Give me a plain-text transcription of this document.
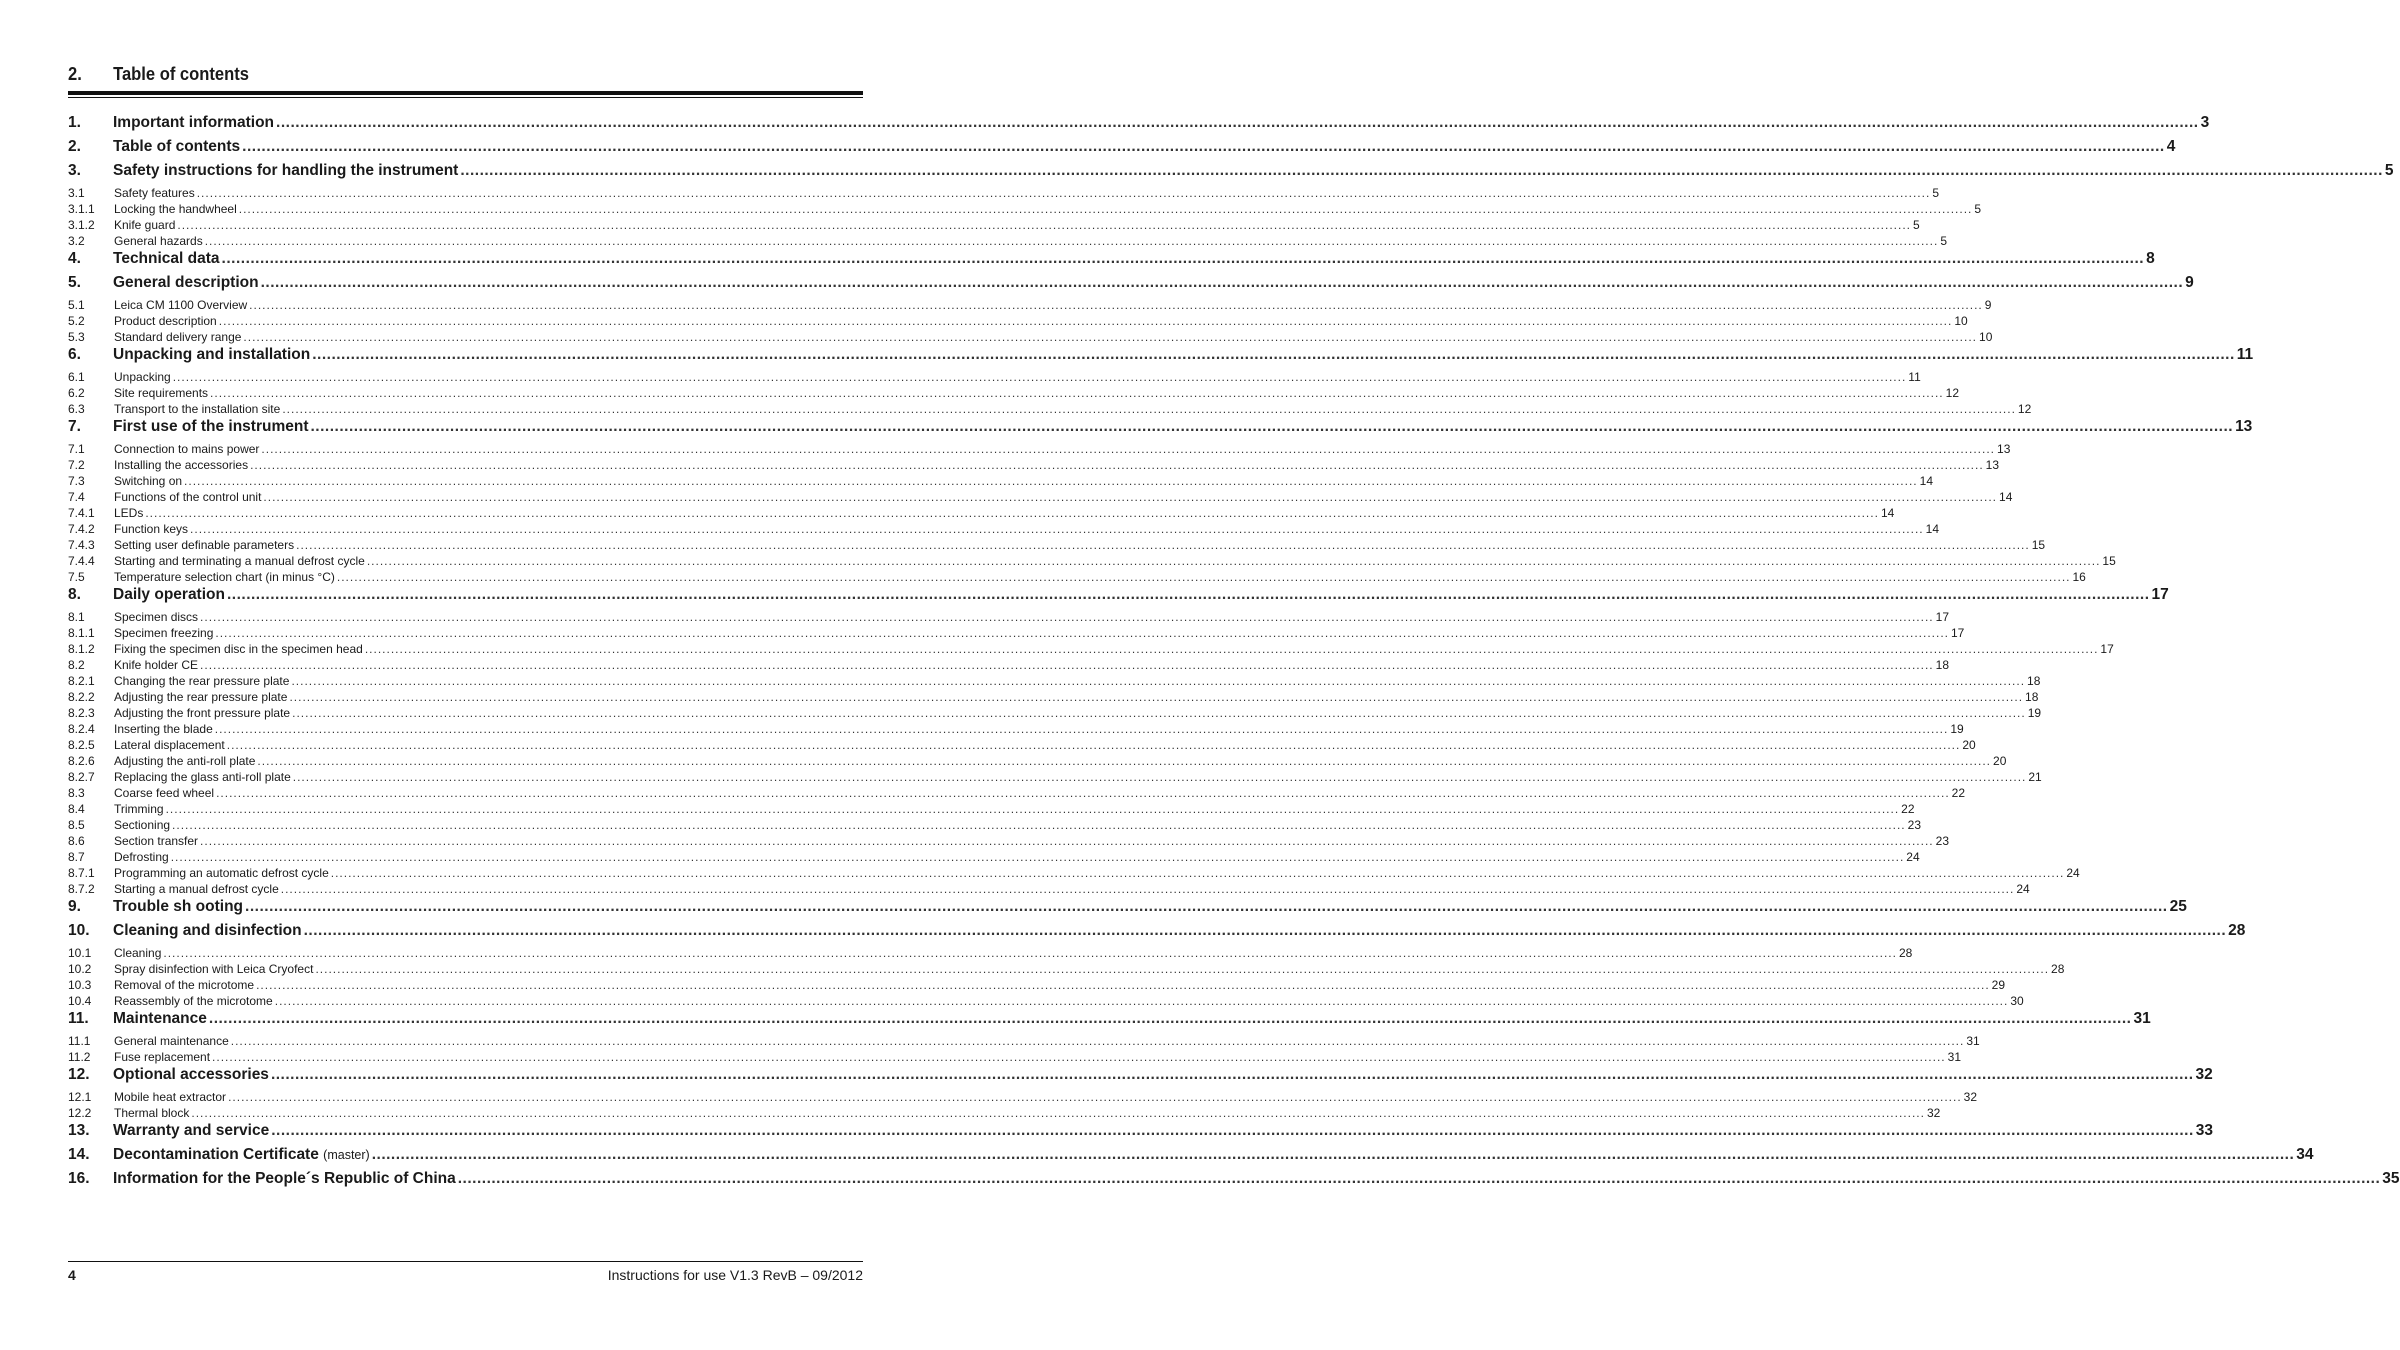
2. Table of contents
1.	Important information ................................................................................................................................................................................................................................................................................................................................................................................................................ 3
2.	Table of contents ................................................................................................................................................................................................................................................................................................................................................................................................................ 4
3.	Safety instructions for handling the instrument ................................................................................................................................................................................................................................................................................................................................................................................................................ 5
3.1	Safety features ................................................................................................................................................................................................................................................................................................................................................................................................................ 5
3.1.1	Locking the handwheel ................................................................................................................................................................................................................................................................................................................................................................................................................ 5
3.1.2	Knife guard ................................................................................................................................................................................................................................................................................................................................................................................................................ 5
3.2	General hazards ................................................................................................................................................................................................................................................................................................................................................................................................................ 5
4.	Technical data ................................................................................................................................................................................................................................................................................................................................................................................................................ 8
5.	General description ................................................................................................................................................................................................................................................................................................................................................................................................................ 9
5.1	Leica CM 1100 Overview ................................................................................................................................................................................................................................................................................................................................................................................................................ 9
5.2	Product description ................................................................................................................................................................................................................................................................................................................................................................................................................ 10
5.3	Standard delivery range ................................................................................................................................................................................................................................................................................................................................................................................................................ 10
6.	Unpacking and installation ................................................................................................................................................................................................................................................................................................................................................................................................................ 11
6.1	Unpacking ................................................................................................................................................................................................................................................................................................................................................................................................................ 11
6.2	Site requirements ................................................................................................................................................................................................................................................................................................................................................................................................................ 12
6.3	Transport to the installation site ................................................................................................................................................................................................................................................................................................................................................................................................................ 12
7.	First use of the instrument ................................................................................................................................................................................................................................................................................................................................................................................................................ 13
7.1	Connection to mains power ................................................................................................................................................................................................................................................................................................................................................................................................................ 13
7.2	Installing the accessories ................................................................................................................................................................................................................................................................................................................................................................................................................ 13
7.3	Switching on ................................................................................................................................................................................................................................................................................................................................................................................................................ 14
7.4	Functions of the control unit ................................................................................................................................................................................................................................................................................................................................................................................................................ 14
7.4.1	LEDs ................................................................................................................................................................................................................................................................................................................................................................................................................ 14
7.4.2	Function keys ................................................................................................................................................................................................................................................................................................................................................................................................................ 14
7.4.3	Setting user definable parameters ................................................................................................................................................................................................................................................................................................................................................................................................................ 15
7.4.4	Starting and terminating a manual defrost cycle ................................................................................................................................................................................................................................................................................................................................................................................................................ 15
7.5	Temperature selection chart (in minus °C) ................................................................................................................................................................................................................................................................................................................................................................................................................ 16
8.	Daily operation ................................................................................................................................................................................................................................................................................................................................................................................................................ 17
8.1	Specimen discs ................................................................................................................................................................................................................................................................................................................................................................................................................ 17
8.1.1	Specimen freezing ................................................................................................................................................................................................................................................................................................................................................................................................................ 17
8.1.2	Fixing the specimen disc in the specimen head ................................................................................................................................................................................................................................................................................................................................................................................................................ 17
8.2	Knife holder CE ................................................................................................................................................................................................................................................................................................................................................................................................................ 18
8.2.1	Changing the rear pressure plate ................................................................................................................................................................................................................................................................................................................................................................................................................ 18
8.2.2	Adjusting the rear pressure plate ................................................................................................................................................................................................................................................................................................................................................................................................................ 18
8.2.3	Adjusting the front pressure plate ................................................................................................................................................................................................................................................................................................................................................................................................................ 19
8.2.4	Inserting the blade ................................................................................................................................................................................................................................................................................................................................................................................................................ 19
8.2.5	Lateral displacement ................................................................................................................................................................................................................................................................................................................................................................................................................ 20
8.2.6	Adjusting the anti-roll plate ................................................................................................................................................................................................................................................................................................................................................................................................................ 20
8.2.7	Replacing the glass anti-roll plate ................................................................................................................................................................................................................................................................................................................................................................................................................ 21
8.3	Coarse feed wheel ................................................................................................................................................................................................................................................................................................................................................................................................................ 22
8.4	Trimming ................................................................................................................................................................................................................................................................................................................................................................................................................ 22
8.5	Sectioning ................................................................................................................................................................................................................................................................................................................................................................................................................ 23
8.6	Section transfer ................................................................................................................................................................................................................................................................................................................................................................................................................ 23
8.7	Defrosting ................................................................................................................................................................................................................................................................................................................................................................................................................ 24
8.7.1	Programming an automatic defrost cycle ................................................................................................................................................................................................................................................................................................................................................................................................................ 24
8.7.2	Starting a manual defrost cycle ................................................................................................................................................................................................................................................................................................................................................................................................................ 24
9.	Trouble sh ooting ................................................................................................................................................................................................................................................................................................................................................................................................................ 25
10.	Cleaning and disinfection ................................................................................................................................................................................................................................................................................................................................................................................................................ 28
10.1	Cleaning ................................................................................................................................................................................................................................................................................................................................................................................................................ 28
10.2	Spray disinfection with Leica Cryofect ................................................................................................................................................................................................................................................................................................................................................................................................................ 28
10.3	Removal of the microtome ................................................................................................................................................................................................................................................................................................................................................................................................................ 29
10.4	Reassembly of the microtome ................................................................................................................................................................................................................................................................................................................................................................................................................ 30
11.	Maintenance ................................................................................................................................................................................................................................................................................................................................................................................................................ 31
11.1	General maintenance ................................................................................................................................................................................................................................................................................................................................................................................................................ 31
11.2	Fuse replacement ................................................................................................................................................................................................................................................................................................................................................................................................................ 31
12.	Optional accessories ................................................................................................................................................................................................................................................................................................................................................................................................................ 32
12.1	Mobile heat extractor ................................................................................................................................................................................................................................................................................................................................................................................................................ 32
12.2	Thermal block ................................................................................................................................................................................................................................................................................................................................................................................................................ 32
13.	Warranty and service ................................................................................................................................................................................................................................................................................................................................................................................................................ 33
14.	Decontamination Certificate (master) ................................................................................................................................................................................................................................................................................................................................................................................................................ 34
16.	Information for the People´s Republic of China ................................................................................................................................................................................................................................................................................................................................................................................................................ 35
4	Instructions for use V1.3 RevB – 09/2012
